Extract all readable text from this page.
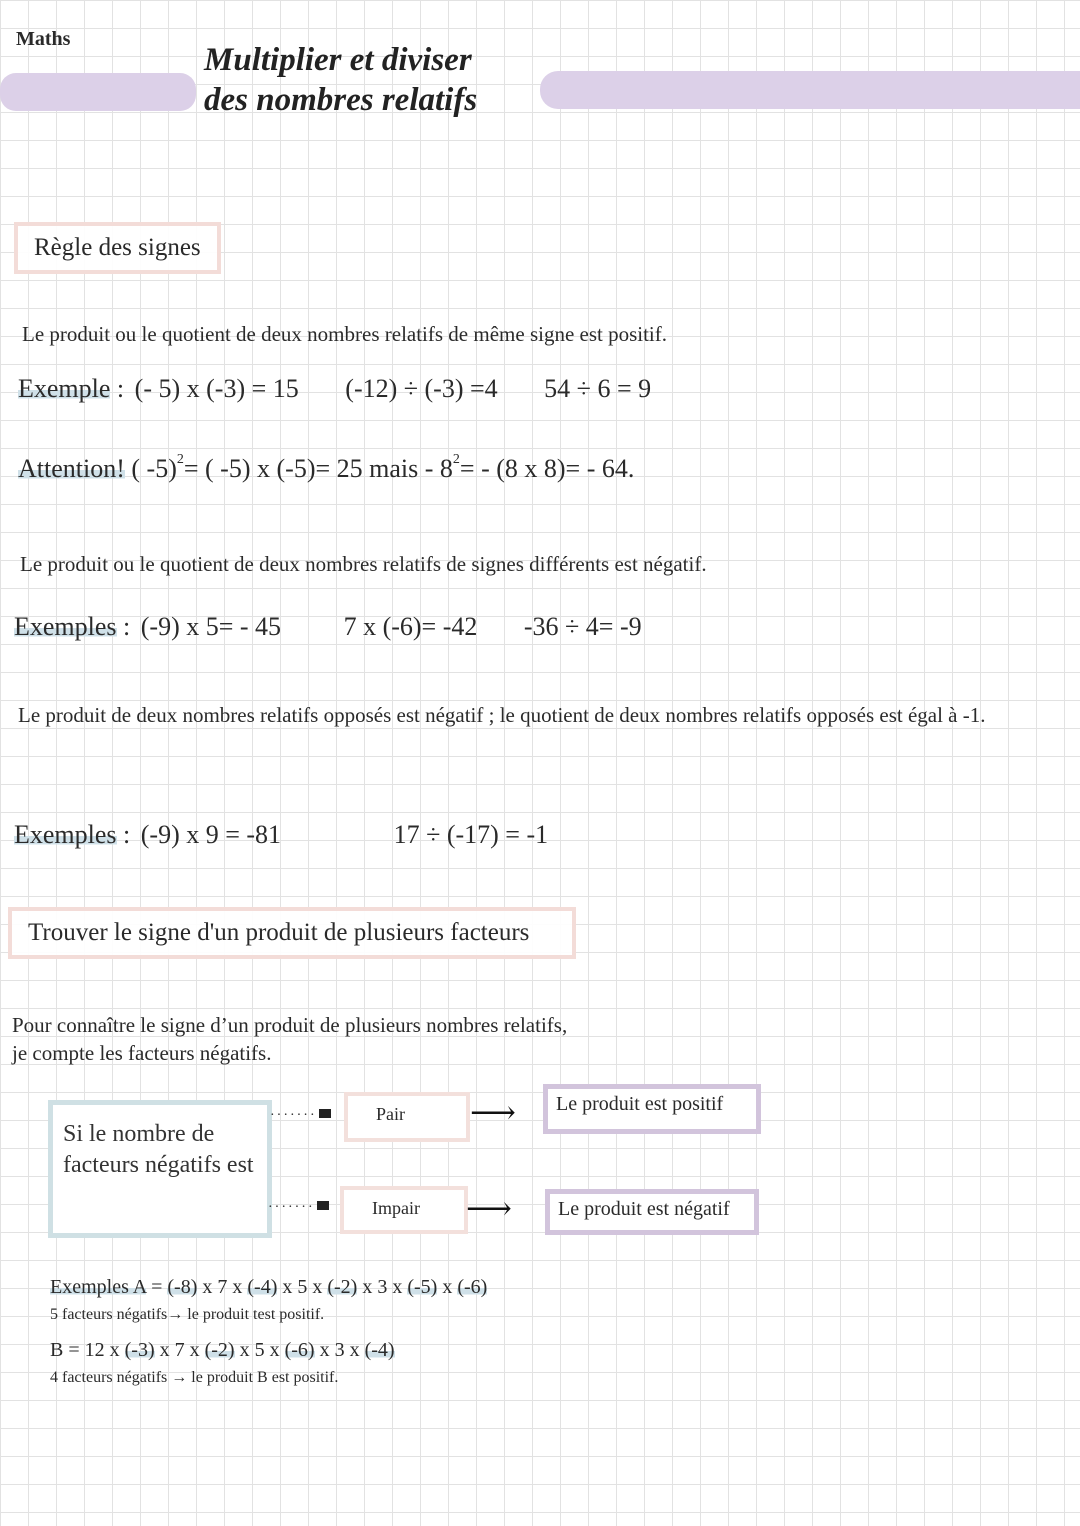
Maths
Multiplier et diviser
des nombres relatifs
Règle des signes
Le produit ou le quotient de deux nombres relatifs de même signe est positif.
Exemple : (- 5) x (-3) = 15 (-12) ÷ (-3) =4 54 ÷ 6 = 9
Attention! ( -5)$^2$= ( -5) x (-5)= 25 mais - $8^2= - (8$ x 8)= - 64.
Le produit ou le quotient de deux nombres relatifs de signes différents est négatif.
Exemples : (-9) x 5= - 45 7 x (-6)= -42 -36 ÷ 4= -9
Le produit de deux nombres relatifs opposés est négatif ; le quotient de deux nombres relatifs opposés est égal à -1.
Exemples : (-9) x 9 = -81	17 ÷ (-17) = -1
Trouver le signe d'un produit de plusieurs facteurs
Pour connaître le signe d’un produit de plusieurs nombres relatifs,
je compte les facteurs négatifs.
Si le nombre de facteurs négatifs est
·······
·······
Pair
Impair
⟶
⟶
Le produit est positif
Le produit est négatif
Exemples A = (-8) x 7 x (-4) x 5 x (-2) x 3 x (-5) x (-6)
5 facteurs négatifs→ le produit test positif.
B = 12 x (-3) x 7 x (-2) x 5 x (-6) x 3 x (-4)
4 facteurs négatifs → le produit B est positif.
